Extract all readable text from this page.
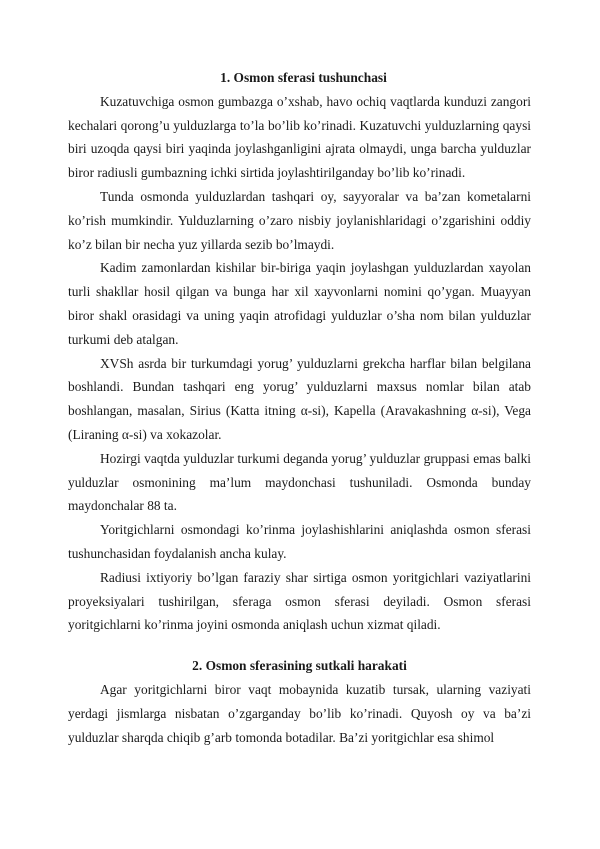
1. Osmon sferasi tushunchasi

Kuzatuvchiga osmon gumbazga o’xshab, havo ochiq vaqtlarda kunduzi zangori kechalari qorong’u yulduzlarga to’la bo’lib ko’rinadi. Kuzatuvchi yulduzlarning qaysi biri uzoqda qaysi biri yaqinda joylashganligini ajrata olmaydi, unga barcha yulduzlar biror radiusli gumbazning ichki sirtida joylashtirilganday bo’lib ko’rinadi.

Tunda osmonda yulduzlardan tashqari oy, sayyoralar va ba’zan kometalarni ko’rish mumkindir. Yulduzlarning o’zaro nisbiy joylanishlaridagi o’zgarishini oddiy ko’z bilan bir necha yuz yillarda sezib bo’lmaydi.

Kadim zamonlardan kishilar bir-biriga yaqin joylashgan yulduzlardan xayolan turli shakllar hosil qilgan va bunga har xil xayvonlarni nomini qo’ygan. Muayyan biror shakl orasidagi va uning yaqin atrofidagi yulduzlar o’sha nom bilan yulduzlar turkumi deb atalgan.

XVSh asrda bir turkumdagi yorug’ yulduzlarni grekcha harflar bilan belgilana boshlandi. Bundan tashqari eng yorug’ yulduzlarni maxsus nomlar bilan atab boshlangan, masalan, Sirius (Katta itning α-si), Kapella (Aravakashning α-si), Vega (Liraning α-si) va xokazolar.

Hozirgi vaqtda yulduzlar turkumi deganda yorug’ yulduzlar gruppasi emas balki yulduzlar osmonining ma’lum maydonchasi tushuniladi. Osmonda bunday maydonchalar 88 ta.

Yoritgichlarni osmondagi ko’rinma joylashishlarini aniqlashda osmon sferasi tushunchasidan foydalanish ancha kulay.

Radiusi ixtiyoriy bo’lgan faraziy shar sirtiga osmon yoritgichlari vaziyatlarini proyeksiyalari tushirilgan, sferaga osmon sferasi deyiladi. Osmon sferasi yoritgichlarni ko’rinma joyini osmonda aniqlash uchun xizmat qiladi.

2. Osmon sferasining sutkali harakati

Agar yoritgichlarni biror vaqt mobaynida kuzatib tursak, ularning vaziyati yerdagi jismlarga nisbatan o’zgarganday bo’lib ko’rinadi. Quyosh oy va ba’zi yulduzlar sharqda chiqib g’arb tomonda botadilar. Ba’zi yoritgichlar esa shimol
